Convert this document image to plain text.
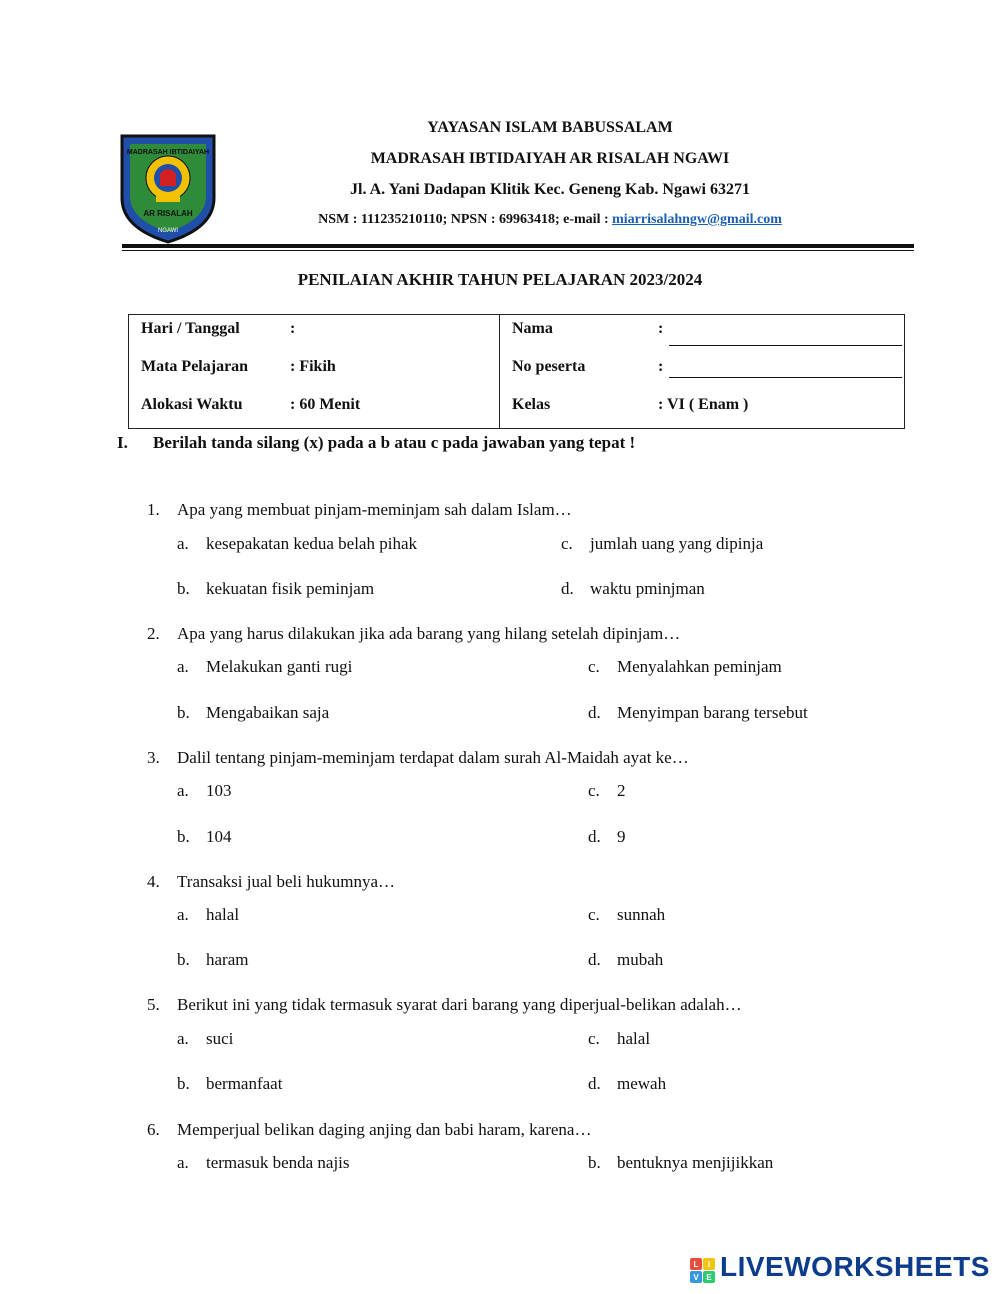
MADRASAH IBTIDAIYAH
AR RISALAH
NGAWI
YAYASAN ISLAM BABUSSALAM
MADRASAH IBTIDAIYAH AR RISALAH NGAWI
Jl. A. Yani Dadapan Klitik Kec. Geneng Kab. Ngawi 63271
NSM : 111235210110; NPSN : 69963418; e-mail : miarrisalahngw@gmail.com
PENILAIAN AKHIR TAHUN PELAJARAN 2023/2024
Hari / Tanggal	:
Mata Pelajaran	: Fikih
Alokasi Waktu	: 60 Menit
Nama	:
No peserta	:
Kelas	: VI ( Enam )
I. Berilah tanda silang (x) pada a b atau c pada jawaban yang tepat !
1. Apa yang membuat pinjam-meminjam sah dalam Islam…
a. kesepakatan kedua belah pihak	c. jumlah uang yang dipinja
b. kekuatan fisik peminjam	d. waktu pminjman
2. Apa yang harus dilakukan jika ada barang yang hilang setelah dipinjam…
a. Melakukan ganti rugi	c. Menyalahkan peminjam
b. Mengabaikan saja	d. Menyimpan barang tersebut
3. Dalil tentang pinjam-meminjam terdapat dalam surah Al-Maidah ayat ke…
a. 103	c. 2
b. 104	d. 9
4. Transaksi jual beli hukumnya…
a. halal	c. sunnah
b. haram	d. mubah
5. Berikut ini yang tidak termasuk syarat dari barang yang diperjual-belikan adalah…
a. suci	c. halal
b. bermanfaat	d. mewah
6. Memperjual belikan daging anjing dan babi haram, karena…
a. termasuk benda najis	b. bentuknya menjijikkan
L I
V E LIVEWORKSHEETS
